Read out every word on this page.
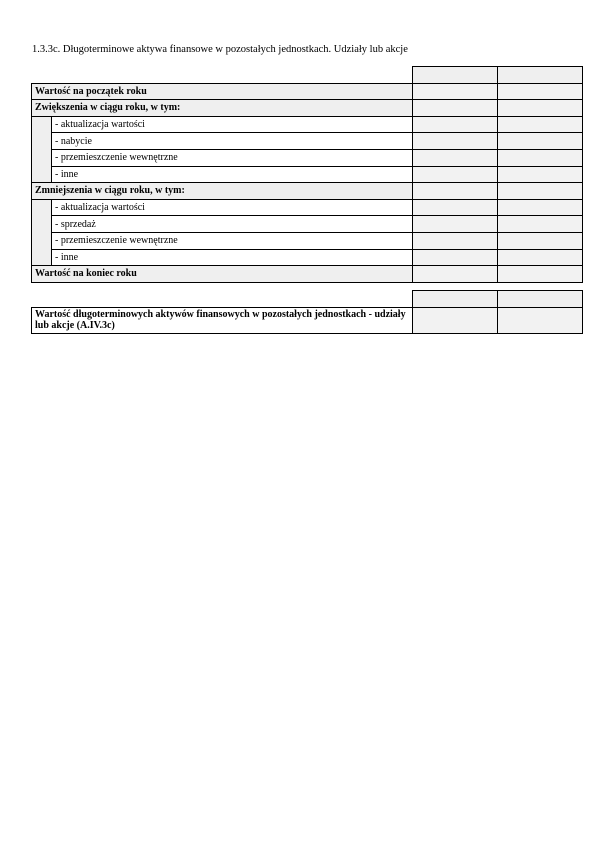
1.3.3c. Długoterminowe aktywa finansowe w pozostałych jednostkach. Udziały lub akcje

Wartość na początek roku			
Zwiększenia w ciągu roku, w tym:			
	- aktualizacja wartości		
	- nabycie		
	- przemieszczenie wewnętrzne		
	- inne		
Zmniejszenia w ciągu roku, w tym:			
	- aktualizacja wartości		
	- sprzedaż		
	- przemieszczenie wewnętrzne		
	- inne		
Wartość na koniec roku			

Wartość długoterminowych aktywów finansowych w pozostałych jednostkach - udziały lub akcje (A.IV.3c)		
